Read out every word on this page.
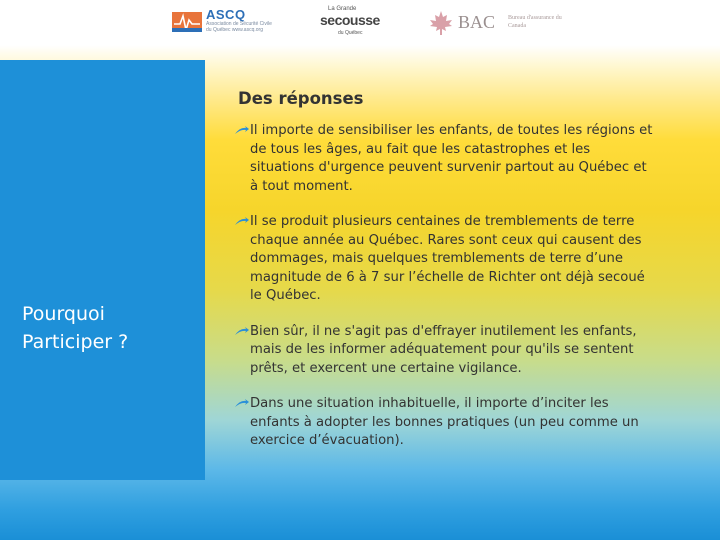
ASCQ
Association de Sécurité Civile du Québec www.ascq.org
La Grande
secousse
du Québec
BAC Bureau d'assurance du Canada
Pourquoi
Participer ?
Des réponses
Il importe de sensibiliser les enfants, de toutes les régions et de tous les âges, au fait que les catastrophes et les situations d'urgence peuvent survenir partout au Québec et à tout moment.
Il se produit plusieurs centaines de tremblements de terre chaque année au Québec. Rares sont ceux qui causent des dommages, mais quelques tremblements de terre d’une magnitude de 6 à 7 sur l’échelle de Richter ont déjà secoué le Québec.
Bien sûr, il ne s'agit pas d'effrayer inutilement les enfants, mais de les informer adéquatement pour qu'ils se sentent prêts, et exercent une certaine vigilance.
Dans une situation inhabituelle, il importe d’inciter les enfants à adopter les bonnes pratiques (un peu comme un exercice d’évacuation).
